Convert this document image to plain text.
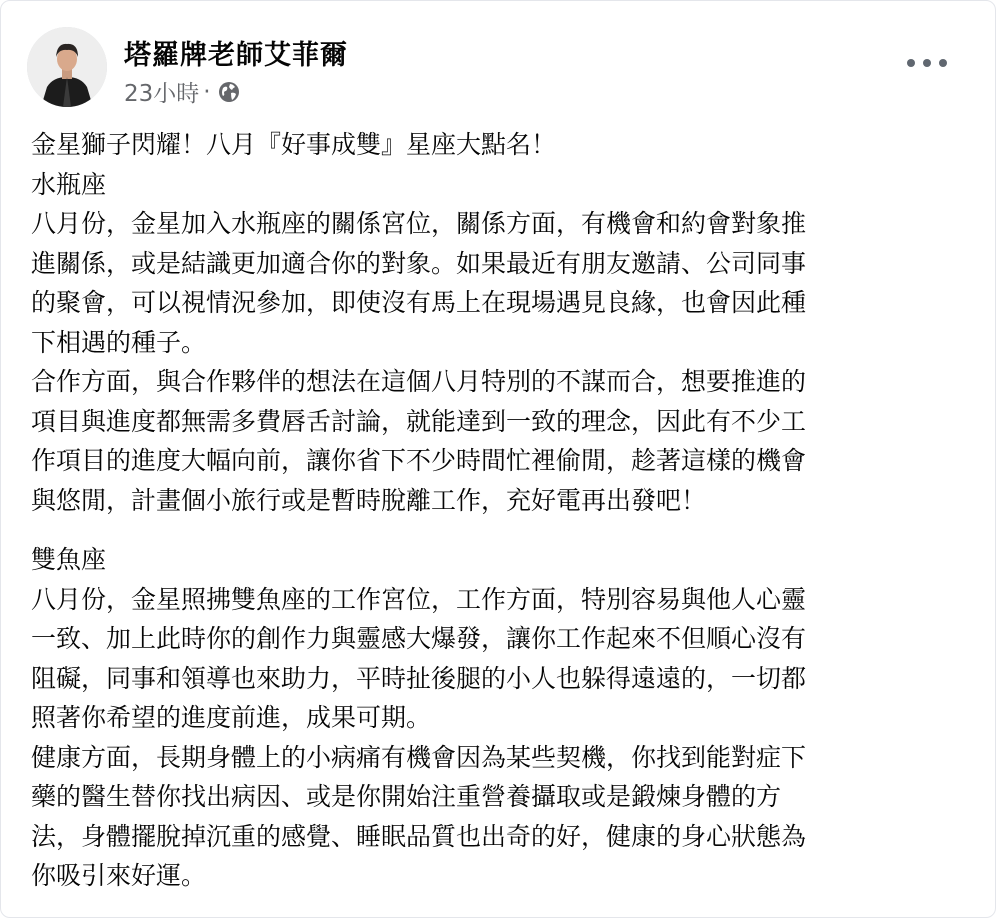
塔羅牌老師艾菲爾
23小時 ·

金星獅子閃耀！八月『好事成雙』星座大點名！

水瓶座

八月份，金星加入水瓶座的關係宮位，關係方面，有機會和約會對象推

進關係，或是結識更加適合你的對象。如果最近有朋友邀請、公司同事

的聚會，可以視情況參加，即使沒有馬上在現場遇見良緣，也會因此種

下相遇的種子。

合作方面，與合作夥伴的想法在這個八月特別的不謀而合，想要推進的

項目與進度都無需多費唇舌討論，就能達到一致的理念，因此有不少工

作項目的進度大幅向前，讓你省下不少時間忙裡偷閒，趁著這樣的機會

與悠閒，計畫個小旅行或是暫時脫離工作，充好電再出發吧！

雙魚座

八月份，金星照拂雙魚座的工作宮位，工作方面，特別容易與他人心靈

一致、加上此時你的創作力與靈感大爆發，讓你工作起來不但順心沒有

阻礙，同事和領導也來助力，平時扯後腿的小人也躲得遠遠的，一切都

照著你希望的進度前進，成果可期。

健康方面，長期身體上的小病痛有機會因為某些契機，你找到能對症下

藥的醫生替你找出病因、或是你開始注重營養攝取或是鍛煉身體的方

法，身體擺脫掉沉重的感覺、睡眠品質也出奇的好，健康的身心狀態為

你吸引來好運。
